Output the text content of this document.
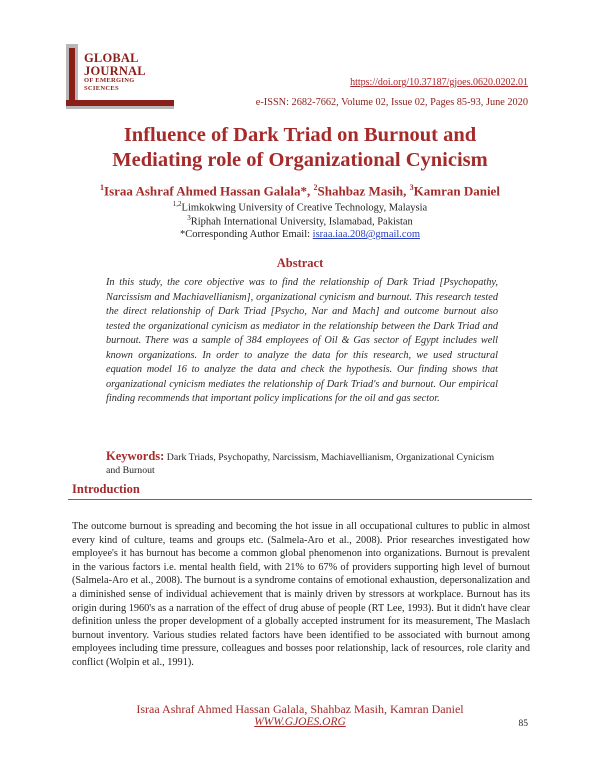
GLOBAL
JOURNAL
OF EMERGING
SCIENCES	https://doi.org/10.37187/gjoes.0620.0202.01
e-ISSN: 2682-7662, Volume 02, Issue 02, Pages 85-93, June 2020
Influence of Dark Triad on Burnout and
Mediating role of Organizational Cynicism
$^1$Israa Ashraf Ahmed Hassan Galala*, $^2$Shahbaz Masih, $^3$Kamran Daniel
$^{1,2}$Limkokwing University of Creative Technology, Malaysia
$^3$Riphah International University, Islamabad, Pakistan
*Corresponding Author Email: israa.iaa.208@gmail.com
Abstract
In this study, the core objective was to find the relationship of Dark Triad [Psychopathy, Narcissism and Machiavellianism], organizational cynicism and burnout. This research tested the direct relationship of Dark Triad [Psycho, Nar and Mach] and outcome burnout also tested the organizational cynicism as mediator in the relationship between the Dark Triad and burnout. There was a sample of 384 employees of Oil & Gas sector of Egypt includes well known organizations. In order to analyze the data for this research, we used structural equation model 16 to analyze the data and check the hypothesis. Our finding shows that organizational cynicism mediates the relationship of Dark Triad's and burnout. Our empirical finding recommends that important policy implications for the oil and gas sector.
Keywords: Dark Triads, Psychopathy, Narcissism, Machiavellianism, Organizational Cynicism and Burnout
Introduction
The outcome burnout is spreading and becoming the hot issue in all occupational cultures to public in almost every kind of culture, teams and groups etc. (Salmela-Aro et al., 2008). Prior researches investigated how employee's it has burnout has become a common global phenomenon into organizations. Burnout is prevalent in the various factors i.e. mental health field, with 21% to 67% of providers supporting high level of burnout (Salmela-Aro et al., 2008). The burnout is a syndrome contains of emotional exhaustion, depersonalization and a diminished sense of individual achievement that is mainly driven by stressors at workplace. Burnout has its origin during 1960's as a narration of the effect of drug abuse of people (RT Lee, 1993). But it didn't have clear definition unless the proper development of a globally accepted instrument for its measurement, The Maslach burnout inventory. Various studies related factors have been identified to be associated with burnout among employees including time pressure, colleagues and bosses poor relationship, lack of resources, role clarity and conflict (Wolpin et al., 1991).
Israa Ashraf Ahmed Hassan Galala, Shahbaz Masih, Kamran Daniel
WWW.GJOES.ORG	85
